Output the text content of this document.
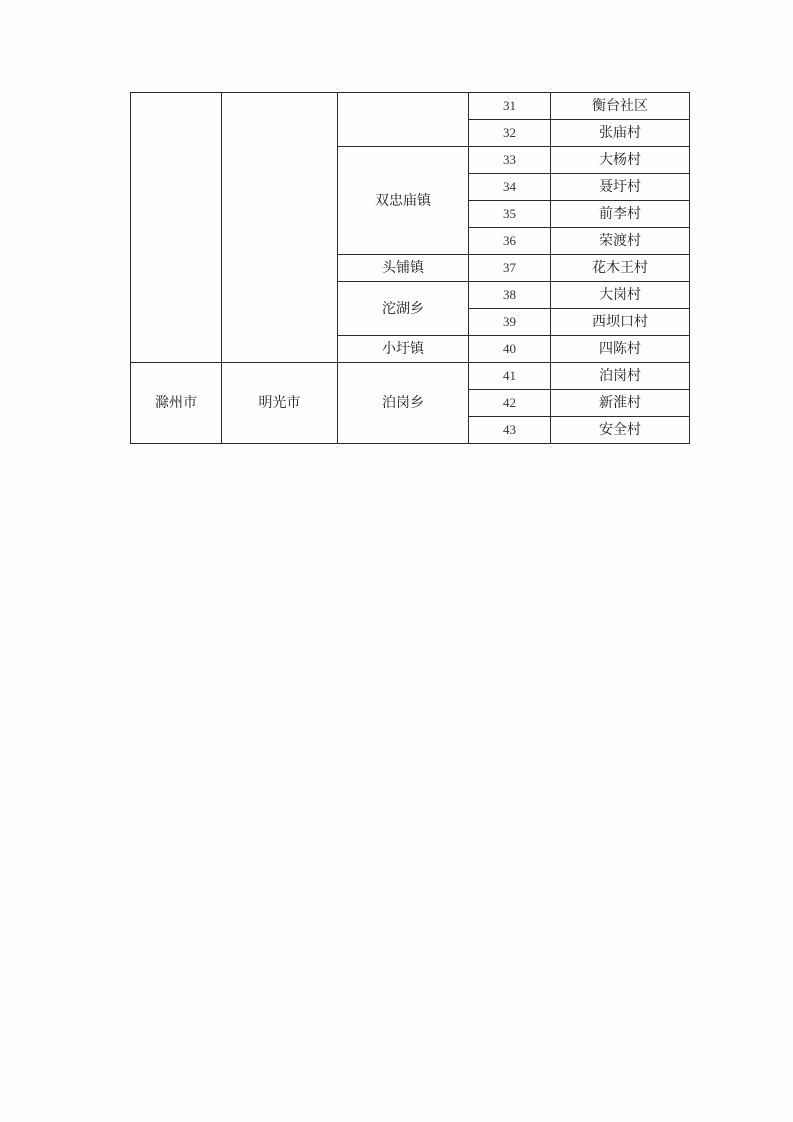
			31	衡台社区
			32	张庙村
		双忠庙镇	33	大杨村
			34	聂圩村
			35	前李村
			36	荣渡村
		头铺镇	37	花木王村
		沱湖乡	38	大岗村
			39	西坝口村
		小圩镇	40	四陈村
滁州市	明光市	泊岗乡	41	泊岗村
			42	新淮村
			43	安全村
